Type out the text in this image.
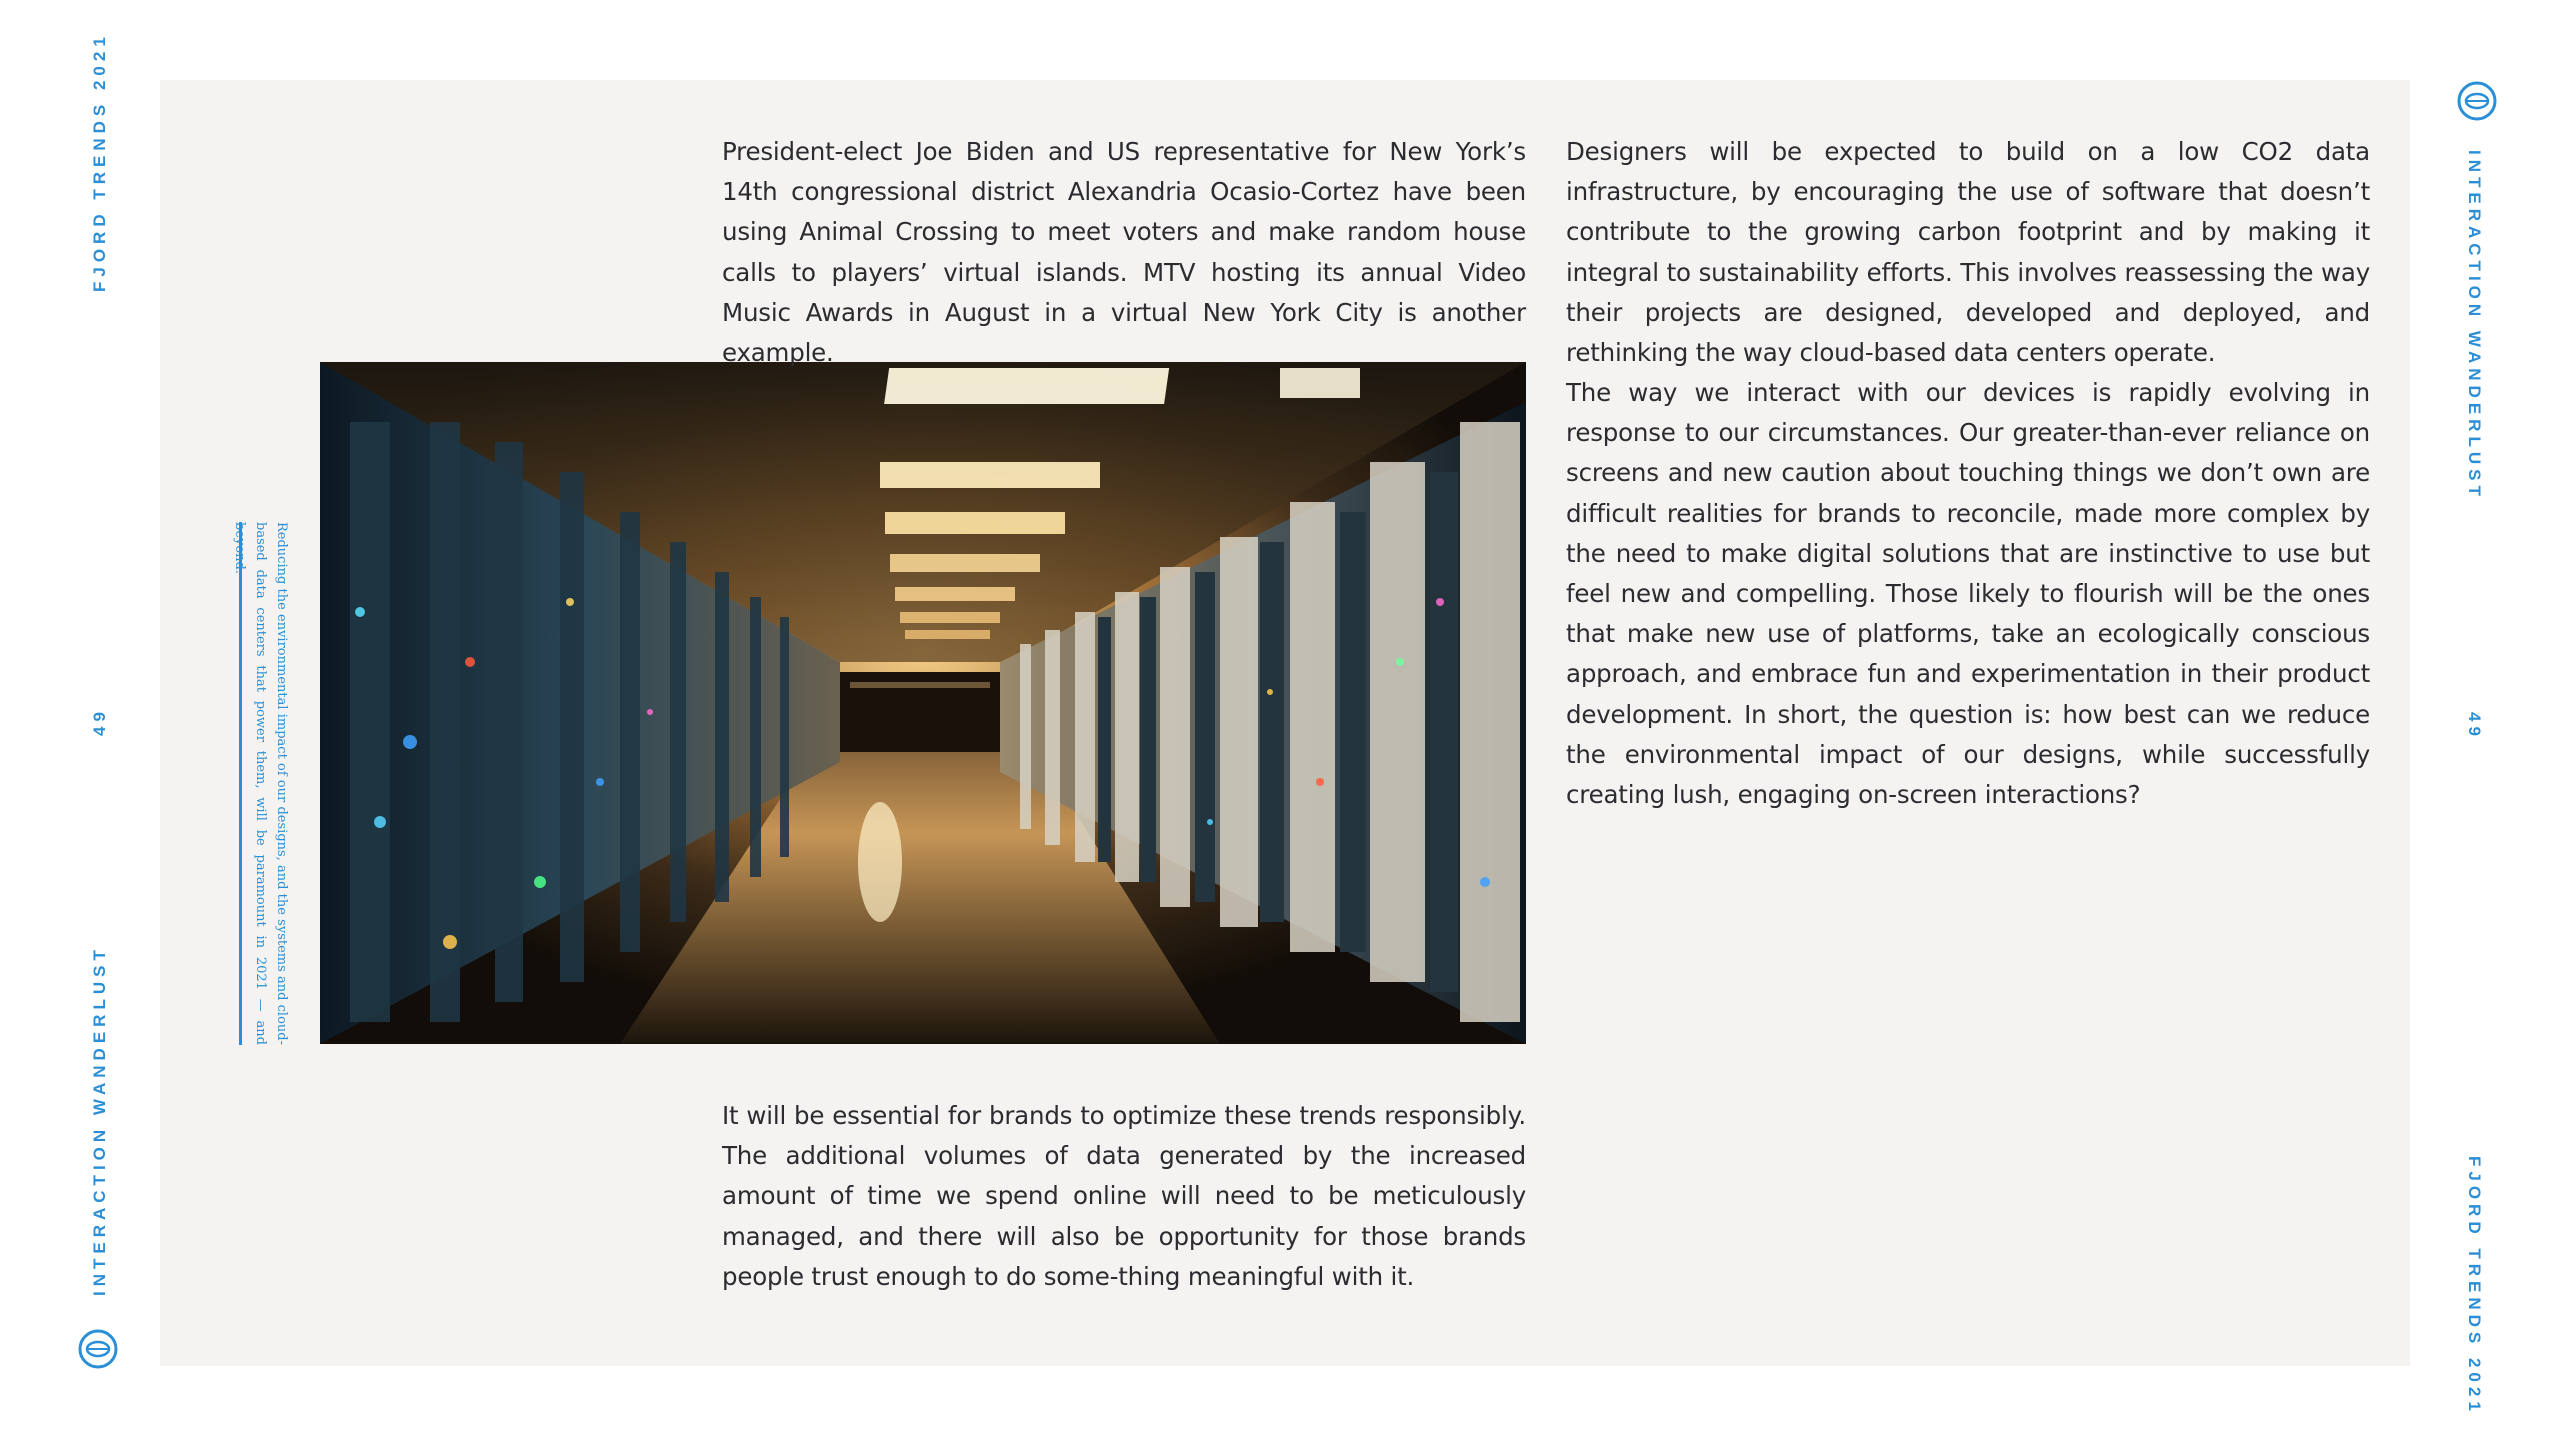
FJORD TRENDS 2021
49
INTERACTION WANDERLUST
INTERACTION WANDERLUST
49
FJORD TRENDS 2021
Reducing the environmental impact of our designs, and the systems and cloud-based data centers that power them, will be paramount in 2021 — and beyond.

President-elect Joe Biden and US representative for New York’s 14th congressional district Alexandria Ocasio-Cortez have been using Animal Crossing to meet voters and make random house calls to players’ virtual islands. MTV hosting its annual Video Music Awards in August in a virtual New York City is another example.

It will be essential for brands to optimize these trends responsibly. The additional volumes of data generated by the increased amount of time we spend online will need to be meticulously managed, and there will also be opportunity for those brands people trust enough to do some-thing meaningful with it.

Designers will be expected to build on a low CO2 data infrastructure, by encouraging the use of software that doesn’t contribute to the growing carbon footprint and by making it integral to sustainability efforts. This involves reassessing the way their projects are designed, developed and deployed, and rethinking the way cloud-based data centers operate.

The way we interact with our devices is rapidly evolving in response to our circumstances. Our greater-than-ever reliance on screens and new caution about touching things we don’t own are difficult realities for brands to reconcile, made more complex by the need to make digital solutions that are instinctive to use but feel new and compelling. Those likely to flourish will be the ones that make new use of platforms, take an ecologically conscious approach, and embrace fun and experimentation in their product development. In short, the question is: how best can we reduce the environmental impact of our designs, while successfully creating lush, engaging on-screen interactions?
